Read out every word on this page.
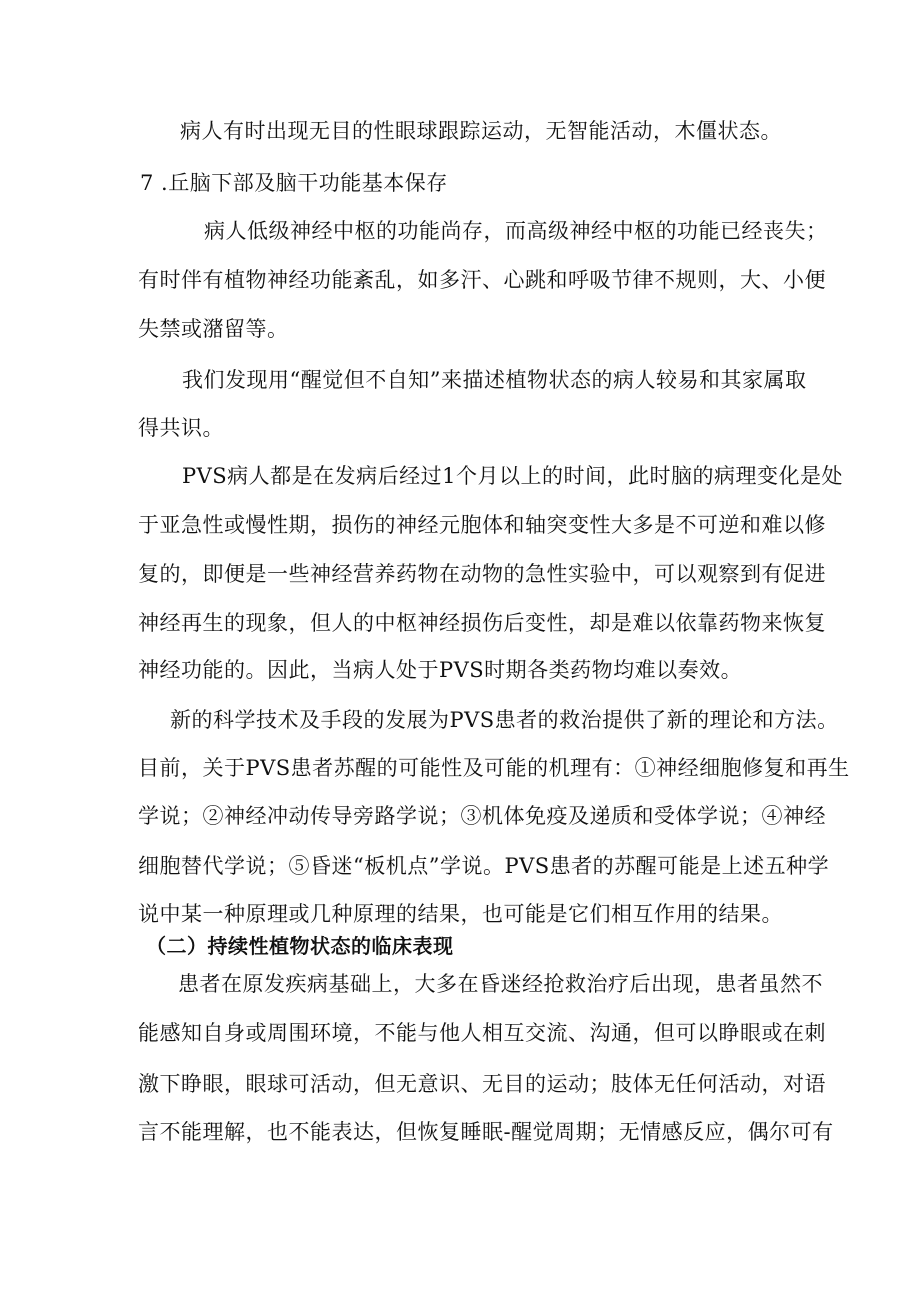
病人有时出现无目的性眼球跟踪运动，无智能活动，木僵状态。
7 .丘脑下部及脑干功能基本保存
病人低级神经中枢的功能尚存，而高级神经中枢的功能已经丧失；
有时伴有植物神经功能紊乱，如多汗、心跳和呼吸节律不规则，大、小便
失禁或潴留等。
我们发现用“醒觉但不自知”来描述植物状态的病人较易和其家属取
得共识。
PVS病人都是在发病后经过1个月以上的时间，此时脑的病理变化是处
于亚急性或慢性期，损伤的神经元胞体和轴突变性大多是不可逆和难以修
复的，即便是一些神经营养药物在动物的急性实验中，可以观察到有促进
神经再生的现象，但人的中枢神经损伤后变性，却是难以依靠药物来恢复
神经功能的。因此，当病人处于PVS时期各类药物均难以奏效。
新的科学技术及手段的发展为PVS患者的救治提供了新的理论和方法。
目前，关于PVS患者苏醒的可能性及可能的机理有：①神经细胞修复和再生
学说；②神经冲动传导旁路学说；③机体免疫及递质和受体学说；④神经
细胞替代学说；⑤昏迷“板机点”学说。PVS患者的苏醒可能是上述五种学
说中某一种原理或几种原理的结果，也可能是它们相互作用的结果。
（二）持续性植物状态的临床表现
患者在原发疾病基础上，大多在昏迷经抢救治疗后出现，患者虽然不
能感知自身或周围环境，不能与他人相互交流、沟通，但可以睁眼或在刺
激下睁眼，眼球可活动，但无意识、无目的运动；肢体无任何活动，对语
言不能理解，也不能表达，但恢复睡眠-醒觉周期；无情感反应，偶尔可有
